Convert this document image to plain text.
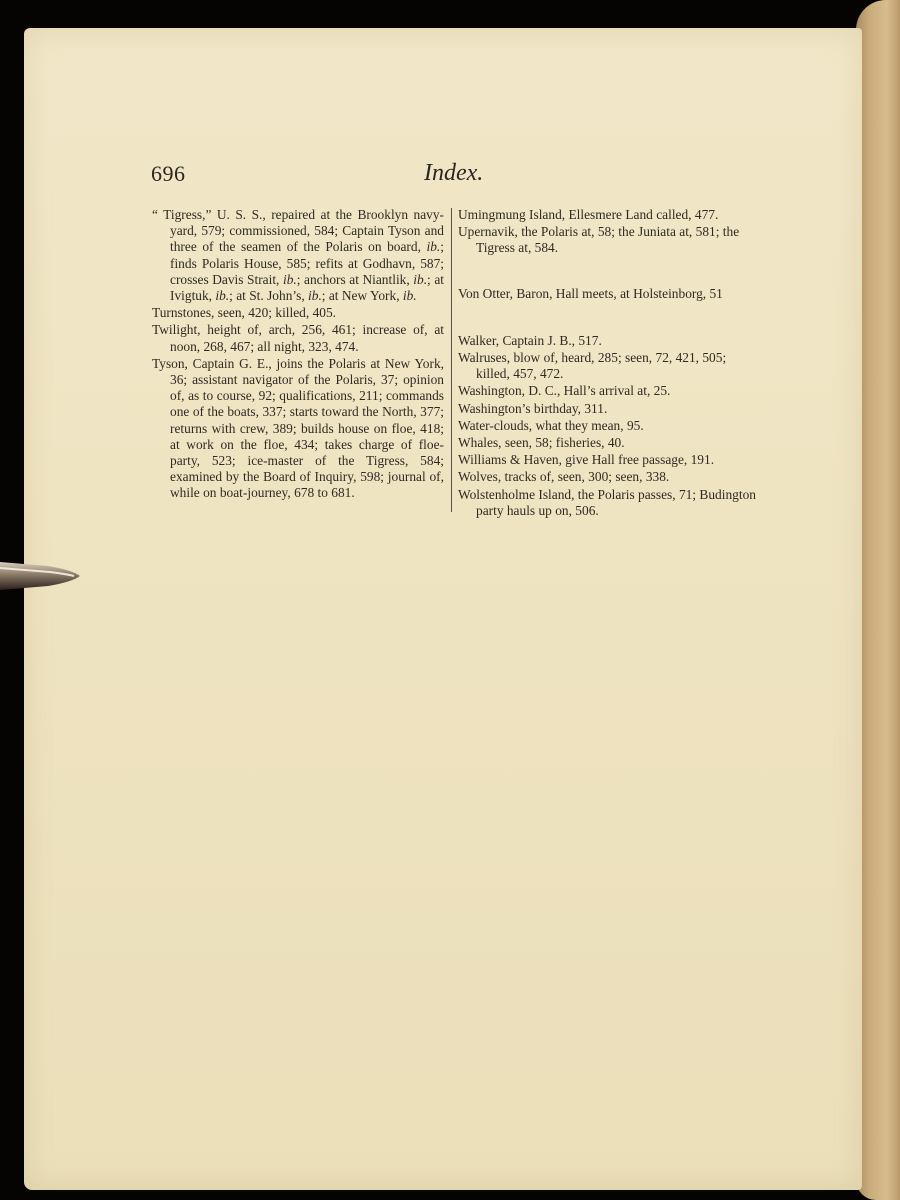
696	Index.

“ Tigress,” U. S. S., repaired at the Brooklyn navy-yard, 579; commissioned, 584; Captain Tyson and three of the seamen of the Polaris on board, ib.; finds Polaris House, 585; refits at Godhavn, 587; crosses Davis Strait, ib.; anchors at Niantlik, ib.; at Ivigtuk, ib.; at St. John’s, ib.; at New York, ib.

Turnstones, seen, 420; killed, 405.

Twilight, height of, arch, 256, 461; increase of, at noon, 268, 467; all night, 323, 474.

Tyson, Captain G. E., joins the Polaris at New York, 36; assistant navigator of the Polaris, 37; opinion of, as to course, 92; qualifications, 211; commands one of the boats, 337; starts toward the North, 377; returns with crew, 389; builds house on floe, 418; at work on the floe, 434; takes charge of floe-party, 523; ice-master of the Tigress, 584; examined by the Board of Inquiry, 598; journal of, while on boat-journey, 678 to 681.

Umingmung Island, Ellesmere Land called, 477.

Upernavik, the Polaris at, 58; the Juniata at, 581; the Tigress at, 584.

Von Otter, Baron, Hall meets, at Holsteinborg, 51

Walker, Captain J. B., 517.

Walruses, blow of, heard, 285; seen, 72, 421, 505; killed, 457, 472.

Washington, D. C., Hall’s arrival at, 25.

Washington’s birthday, 311.

Water-clouds, what they mean, 95.

Whales, seen, 58; fisheries, 40.

Williams & Haven, give Hall free passage, 191.

Wolves, tracks of, seen, 300; seen, 338.

Wolstenholme Island, the Polaris passes, 71; Budington party hauls up on, 506.
